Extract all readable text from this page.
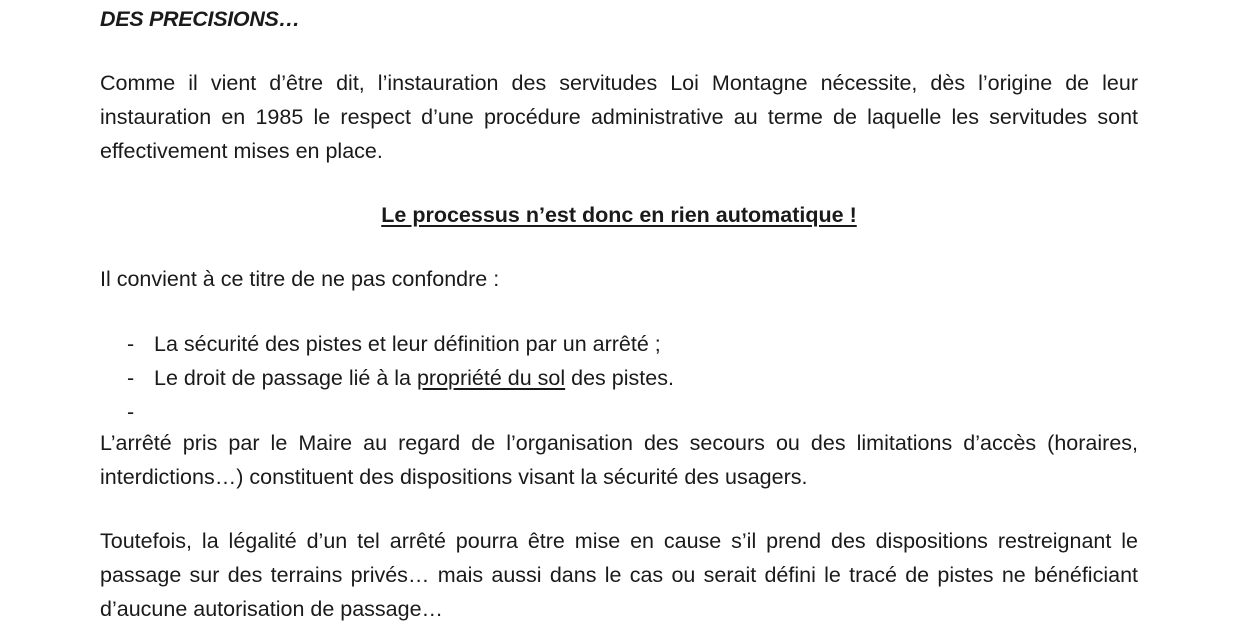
DES PRECISIONS…
Comme il vient d’être dit, l’instauration des servitudes Loi Montagne nécessite, dès l’origine de leur instauration en 1985 le respect d’une procédure administrative au terme de laquelle les servitudes sont effectivement mises en place.
Le processus n’est donc en rien automatique !
Il convient à ce titre de ne pas confondre :
- La sécurité des pistes et leur définition par un arrêté ;
- Le droit de passage lié à la propriété du sol des pistes.
-
L’arrêté pris par le Maire au regard de l’organisation des secours ou des limitations d’accès (horaires, interdictions…) constituent des dispositions visant la sécurité des usagers.
Toutefois, la légalité d’un tel arrêté pourra être mise en cause s’il prend des dispositions restreignant le passage sur des terrains privés… mais aussi dans le cas ou serait défini le tracé de pistes ne bénéficiant d’aucune autorisation de passage…
